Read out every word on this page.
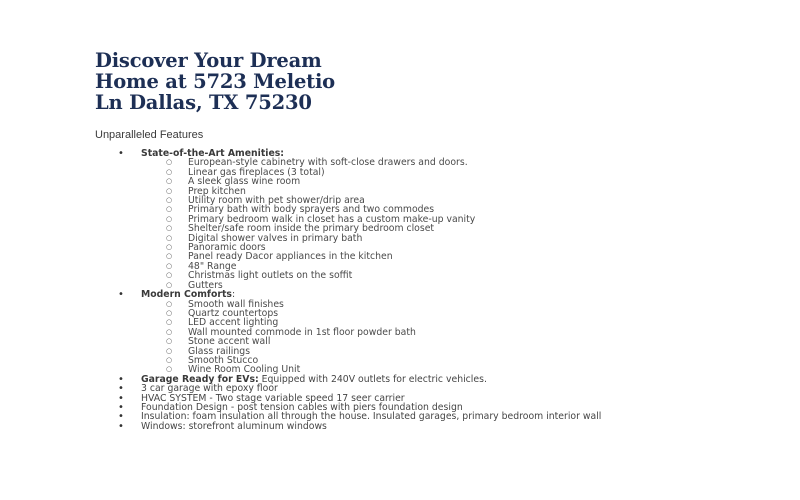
Discover Your Dream
Home at 5723 Meletio
Ln Dallas, TX 75230
Unparalleled Features
• State-of-the-Art Amenities:
○ European-style cabinetry with soft-close drawers and doors.
○ Linear gas fireplaces (3 total)
○ A sleek glass wine room
○ Prep kitchen
○ Utility room with pet shower/drip area
○ Primary bath with body sprayers and two commodes
○ Primary bedroom walk in closet has a custom make-up vanity
○ Shelter/safe room inside the primary bedroom closet
○ Digital shower valves in primary bath
○ Panoramic doors
○ Panel ready Dacor appliances in the kitchen
○ 48" Range
○ Christmas light outlets on the soffit
○ Gutters
• Modern Comforts:
○ Smooth wall finishes
○ Quartz countertops
○ LED accent lighting
○ Wall mounted commode in 1st floor powder bath
○ Stone accent wall
○ Glass railings
○ Smooth Stucco
○ Wine Room Cooling Unit
• Garage Ready for EVs: Equipped with 240V outlets for electric vehicles.
• 3 car garage with epoxy floor
• HVAC SYSTEM - Two stage variable speed 17 seer carrier
• Foundation Design - post tension cables with piers foundation design
• Insulation: foam insulation all through the house. Insulated garages, primary bedroom interior wall
• Windows: storefront aluminum windows
